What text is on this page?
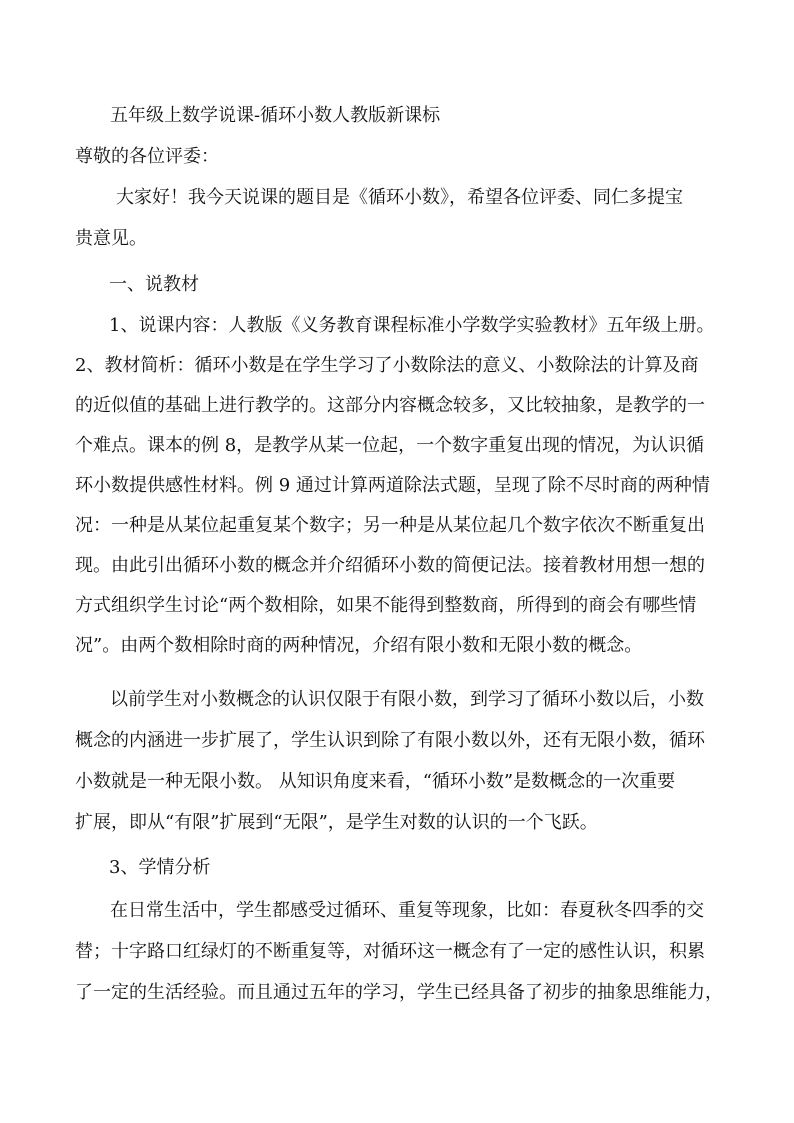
五年级上数学说课-循环小数人教版新课标
尊敬的各位评委：
大家好！我今天说课的题目是《循环小数》，希望各位评委、同仁多提宝
贵意见。
一、说教材
1、说课内容：人教版《义务教育课程标准小学数学实验教材》五年级上册。
2、教材简析：循环小数是在学生学习了小数除法的意义、小数除法的计算及商
的近似值的基础上进行教学的。这部分内容概念较多，又比较抽象，是教学的一
个难点。课本的例 8，是教学从某一位起，一个数字重复出现的情况，为认识循
环小数提供感性材料。例 9 通过计算两道除法式题，呈现了除不尽时商的两种情
况：一种是从某位起重复某个数字；另一种是从某位起几个数字依次不断重复出
现。由此引出循环小数的概念并介绍循环小数的简便记法。接着教材用想一想的
方式组织学生讨论“两个数相除，如果不能得到整数商，所得到的商会有哪些情
况”。由两个数相除时商的两种情况，介绍有限小数和无限小数的概念。
以前学生对小数概念的认识仅限于有限小数，到学习了循环小数以后，小数
概念的内涵进一步扩展了，学生认识到除了有限小数以外，还有无限小数，循环
小数就是一种无限小数。 从知识角度来看，“循环小数”是数概念的一次重要
扩展，即从“有限”扩展到“无限”，是学生对数的认识的一个飞跃。
3、学情分析
在日常生活中，学生都感受过循环、重复等现象，比如：春夏秋冬四季的交
替；十字路口红绿灯的不断重复等，对循环这一概念有了一定的感性认识，积累
了一定的生活经验。而且通过五年的学习，学生已经具备了初步的抽象思维能力，
